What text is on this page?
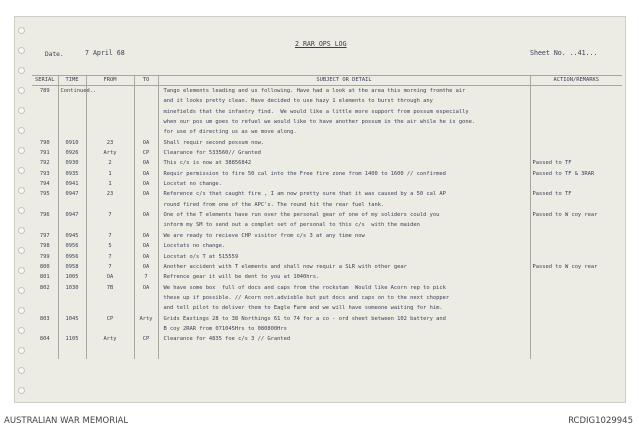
Date.	7 April 68
2 RAR OPS LOG
Sheet No. ..41...
SERIAL	TIME	FROM	TO	SUBJECT OR DETAIL	ACTION/REMARKS
789	Continued..			Tango elements leading and us following. Have had a look at the area this morning fromthe air
and it looks pretty clean. Have decided to use hazy 1 elements to burst through any
minefields that the infantry find.  We would like a little more support from possum especially
when our pos um goes to refuel we would like to have another possum in the air while he is gone.
for use of directing us as we move along.	

790	0910	23	OA	Shall requir second possum now.	

791	0926	Arty	CP	Clearance for 533560// Granted	

792	0930	2	OA	This c/s is now at 38856842	Passed to TF
793	0935	1	OA	Requir permission to fire 50 cal into the Free fire zone from 1400 to 1600 // confirmed	Passed to TF & 3RAR
794	0941	1	OA	Locstat no change.	

795	0947	23	OA	Reference c/s that caught fire , I am now pretty sure that it was caused by a 50 cal AP
round fired from one of the APC's. The round hit the rear fuel tank.	Passed to TF
796	0947	7	OA	One of the T elements have run over the personal gear of one of my soliders could you
inform my SM to send out a complet set of personal to this c/s  with the maiden	Passed to W coy rear
797	0945	7	OA	We are ready to recieve CHP visitor from c/s 3 at any time now	

798	0956	5	OA	Locstats no change.	

799	0956	7	OA	Locstat o/s T at 515559	

800	0958	7	OA	Another accident with T elements and shall now requir a SLR with other gear	Passed to W coy rear
801	1005	OA	7	Refrence gear it will be dent to you at 1040hrs.	

802	1030	7B	OA	We have some box  full of docs and caps from the rockstam  Would like Acorn rep to pick
these up if possible. // Acorn not.advisble but put docs and caps on to the next chopper
and tell pilot to deliver them to Eagle Farm and we will have someone waiting for him.	

803	1045	CP	Arty	Grids Eastings 28 to 38 Northings 61 to 74 for a co - ord sheet between 102 battery and
B coy 2RAR from 071045Hrs to 080800Hrs	

804	1105	Arty	CP	Clearance for 4835 foe c/s 3 // Granted	

AUSTRALIAN WAR MEMORIAL	RCDIG1029945
